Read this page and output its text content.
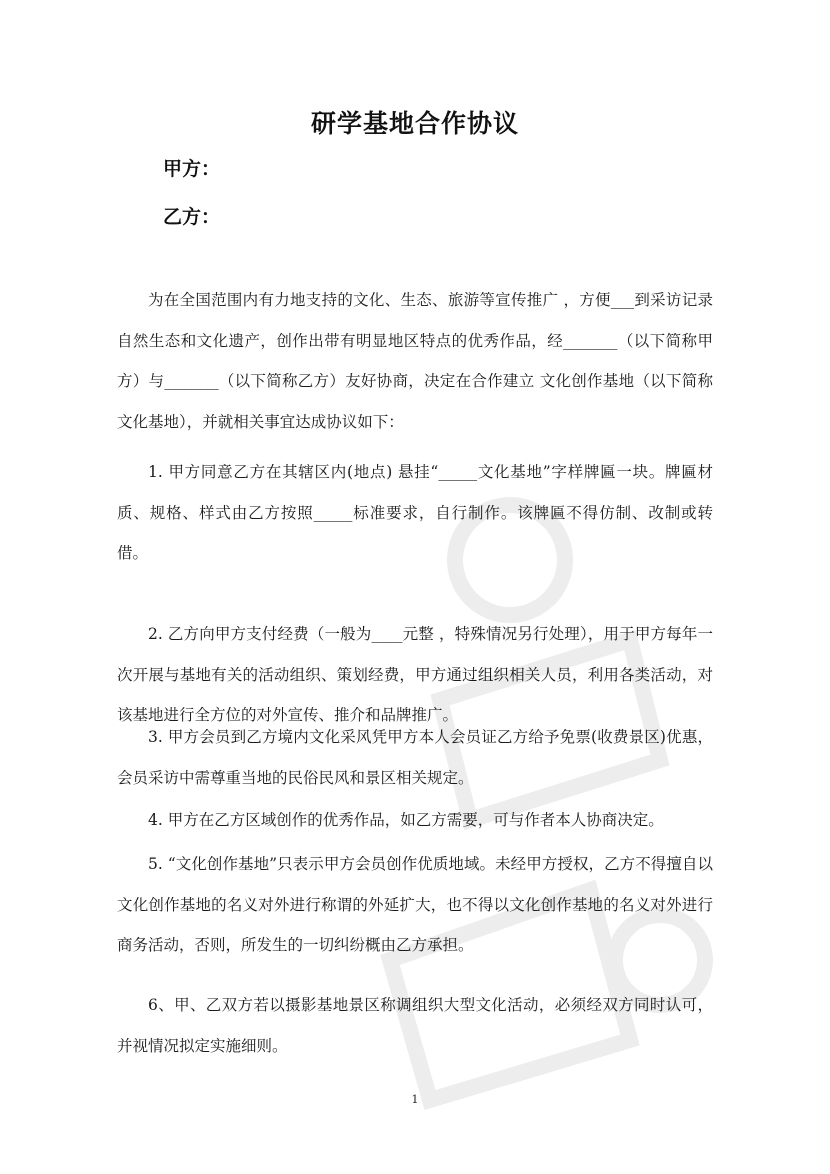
研学基地合作协议
甲方：
乙方：

为在全国范围内有力地支持的文化、生态、旅游等宣传推广 ，方便___到采访记录自然生态和文化遗产，创作出带有明显地区特点的优秀作品，经_______（以下简称甲方）与_______（以下简称乙方）友好协商，决定在合作建立 文化创作基地（以下简称文化基地），并就相关事宜达成协议如下：

1. 甲方同意乙方在其辖区内(地点) 悬挂“_____文化基地”字样牌匾一块。牌匾材质、规格、样式由乙方按照_____标准要求，自行制作。该牌匾不得仿制、改制或转借。

2. 乙方向甲方支付经费（一般为____元整 ，特殊情况另行处理），用于甲方每年一次开展与基地有关的活动组织、策划经费，甲方通过组织相关人员，利用各类活动，对该基地进行全方位的对外宣传、推介和品牌推广。

3. 甲方会员到乙方境内文化采风凭甲方本人会员证乙方给予免票(收费景区)优惠，会员采访中需尊重当地的民俗民风和景区相关规定。

4. 甲方在乙方区域创作的优秀作品，如乙方需要，可与作者本人协商决定。

5. “文化创作基地”只表示甲方会员创作优质地域。未经甲方授权，乙方不得擅自以文化创作基地的名义对外进行称谓的外延扩大，也不得以文化创作基地的名义对外进行商务活动，否则，所发生的一切纠纷概由乙方承担。

6、甲、乙双方若以摄影基地景区称调组织大型文化活动，必须经双方同时认可，并视情况拟定实施细则。

1
